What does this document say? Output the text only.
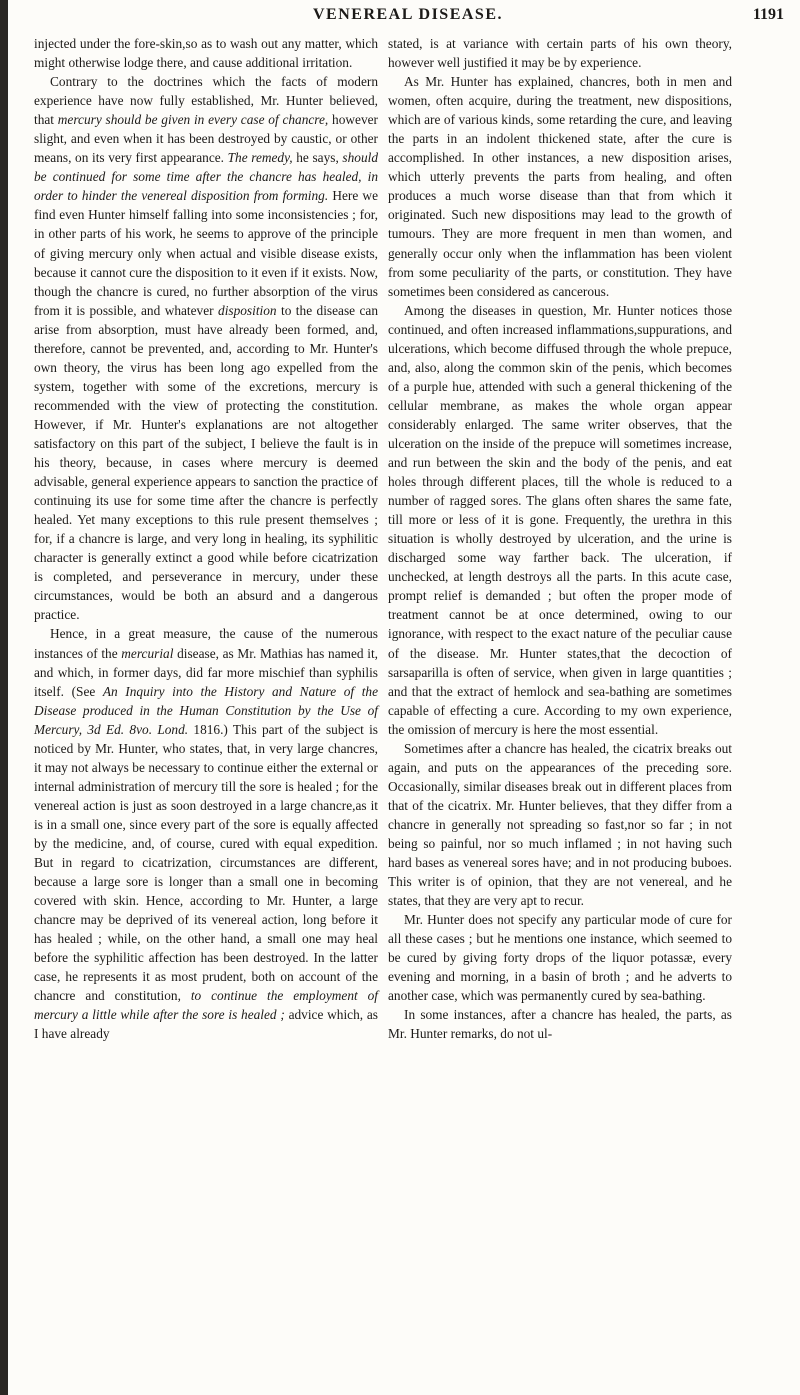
VENEREAL DISEASE.	1191

injected under the fore-skin,so as to wash out any matter, which might otherwise lodge there, and cause additional irritation.

Contrary to the doctrines which the facts of modern experience have now fully established, Mr. Hunter believed, that mercury should be given in every case of chancre, however slight, and even when it has been destroyed by caustic, or other means, on its very first appearance. The remedy, he says, should be continued for some time after the chancre has healed, in order to hinder the venereal disposition from forming. Here we find even Hunter himself falling into some inconsistencies ; for, in other parts of his work, he seems to approve of the principle of giving mercury only when actual and visible disease exists, because it cannot cure the disposition to it even if it exists. Now, though the chancre is cured, no further absorption of the virus from it is possible, and whatever disposition to the disease can arise from absorption, must have already been formed, and, therefore, cannot be prevented, and, according to Mr. Hunter's own theory, the virus has been long ago expelled from the system, together with some of the excretions, mercury is recommended with the view of protecting the constitution. However, if Mr. Hunter's explanations are not altogether satisfactory on this part of the subject, I believe the fault is in his theory, because, in cases where mercury is deemed advisable, general experience appears to sanction the practice of continuing its use for some time after the chancre is perfectly healed. Yet many exceptions to this rule present themselves ; for, if a chancre is large, and very long in healing, its syphilitic character is generally extinct a good while before cicatrization is completed, and perseverance in mercury, under these circumstances, would be both an absurd and a dangerous practice.

Hence, in a great measure, the cause of the numerous instances of the mercurial disease, as Mr. Mathias has named it, and which, in former days, did far more mischief than syphilis itself. (See An Inquiry into the History and Nature of the Disease produced in the Human Constitution by the Use of Mercury, 3d Ed. 8vo. Lond. 1816.) This part of the subject is noticed by Mr. Hunter, who states, that, in very large chancres, it may not always be necessary to continue either the external or internal administration of mercury till the sore is healed ; for the venereal action is just as soon destroyed in a large chancre,as it is in a small one, since every part of the sore is equally affected by the medicine, and, of course, cured with equal expedition. But in regard to cicatrization, circumstances are different, because a large sore is longer than a small one in becoming covered with skin. Hence, according to Mr. Hunter, a large chancre may be deprived of its venereal action, long before it has healed ; while, on the other hand, a small one may heal before the syphilitic affection has been destroyed. In the latter case, he represents it as most prudent, both on account of the chancre and constitution, to continue the employment of mercury a little while after the sore is healed ; advice which, as I have already

stated, is at variance with certain parts of his own theory, however well justified it may be by experience.

As Mr. Hunter has explained, chancres, both in men and women, often acquire, during the treatment, new dispositions, which are of various kinds, some retarding the cure, and leaving the parts in an indolent thickened state, after the cure is accomplished. In other instances, a new disposition arises, which utterly prevents the parts from healing, and often produces a much worse disease than that from which it originated. Such new dispositions may lead to the growth of tumours. They are more frequent in men than women, and generally occur only when the inflammation has been violent from some peculiarity of the parts, or constitution. They have sometimes been considered as cancerous.

Among the diseases in question, Mr. Hunter notices those continued, and often increased inflammations,suppurations, and ulcerations, which become diffused through the whole prepuce, and, also, along the common skin of the penis, which becomes of a purple hue, attended with such a general thickening of the cellular membrane, as makes the whole organ appear considerably enlarged. The same writer observes, that the ulceration on the inside of the prepuce will sometimes increase, and run between the skin and the body of the penis, and eat holes through different places, till the whole is reduced to a number of ragged sores. The glans often shares the same fate, till more or less of it is gone. Frequently, the urethra in this situation is wholly destroyed by ulceration, and the urine is discharged some way farther back. The ulceration, if unchecked, at length destroys all the parts. In this acute case, prompt relief is demanded ; but often the proper mode of treatment cannot be at once determined, owing to our ignorance, with respect to the exact nature of the peculiar cause of the disease. Mr. Hunter states,that the decoction of sarsaparilla is often of service, when given in large quantities ; and that the extract of hemlock and sea-bathing are sometimes capable of effecting a cure. According to my own experience, the omission of mercury is here the most essential.

Sometimes after a chancre has healed, the cicatrix breaks out again, and puts on the appearances of the preceding sore. Occasionally, similar diseases break out in different places from that of the cicatrix. Mr. Hunter believes, that they differ from a chancre in generally not spreading so fast,nor so far ; in not being so painful, nor so much inflamed ; in not having such hard bases as venereal sores have; and in not producing buboes. This writer is of opinion, that they are not venereal, and he states, that they are very apt to recur.

Mr. Hunter does not specify any particular mode of cure for all these cases ; but he mentions one instance, which seemed to be cured by giving forty drops of the liquor potassæ, every evening and morning, in a basin of broth ; and he adverts to another case, which was permanently cured by sea-bathing.

In some instances, after a chancre has healed, the parts, as Mr. Hunter remarks, do not ul-
